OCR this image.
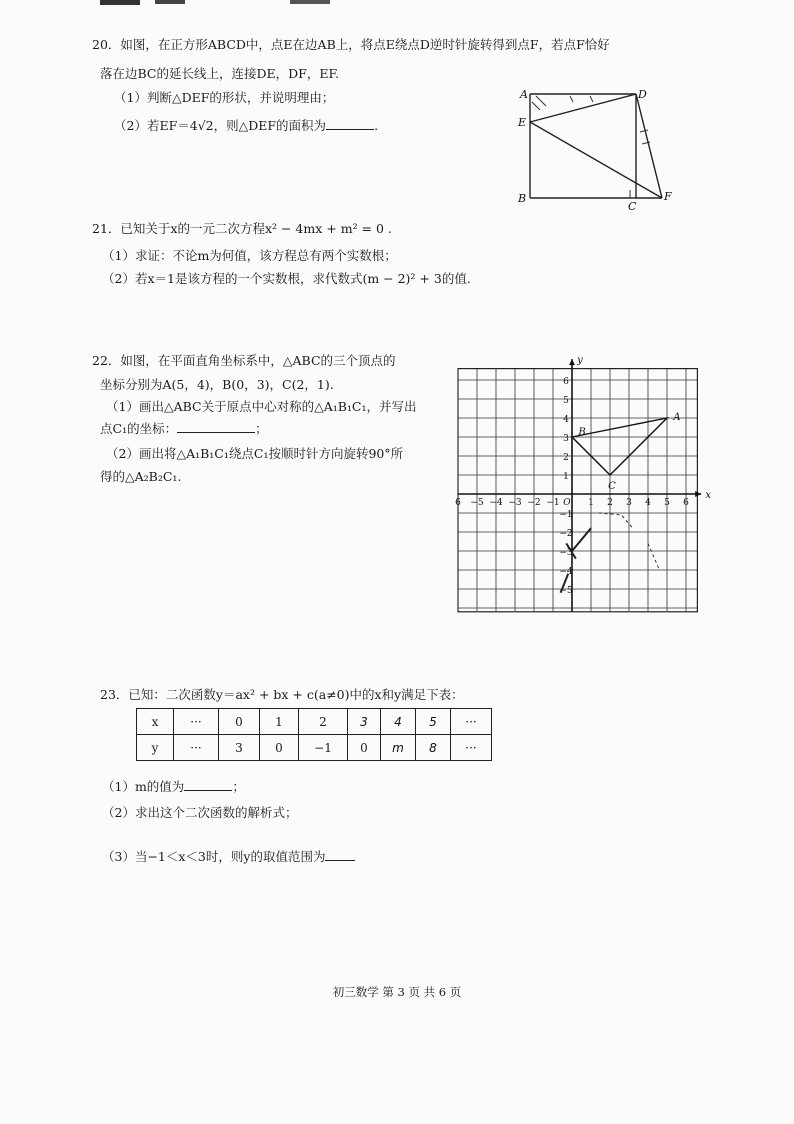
20．如图，在正方形ABCD中，点E在边AB上，将点E绕点D逆时针旋转得到点F，若点F恰好
落在边BC的延长线上，连接DE，DF，EF.
（1）判断△DEF的形状，并说明理由；
（2）若EF＝4√2，则△DEF的面积为	.
A	D
E
B
C
F
21．已知关于x的一元二次方程x² − 4mx + m² = 0 .
（1）求证：不论m为何值，该方程总有两个实数根；
（2）若x＝1是该方程的一个实数根，求代数式(m − 2)² + 3的值.
22．如图，在平面直角坐标系中，△ABC的三个顶点的
坐标分别为A(5，4)，B(0，3)，C(2，1).
（1）画出△ABC关于原点中心对称的△A₁B₁C₁，并写出
点C₁的坐标：	；
（2）画出将△A₁B₁C₁绕点C₁按顺时针方向旋转90°所
得的△A₂B₂C₁.
6 −5 −4 −3 −2 −1	1 2 3 4 5 6
6
5
4
3
2
1
−1
−2
−3
−4
−5
O
x
y
A
B
C
23．已知：二次函数y＝ax² + bx + c(a≠0)中的x和y满足下表：
x	···	0	1	2	3	4	5	···
y	···	3	0	−1	0	m	8	···
（1）m的值为	；
（2）求出这个二次函数的解析式；
（3）当−1＜x＜3时，则y的取值范围为
初三数学 第 3 页 共 6 页
